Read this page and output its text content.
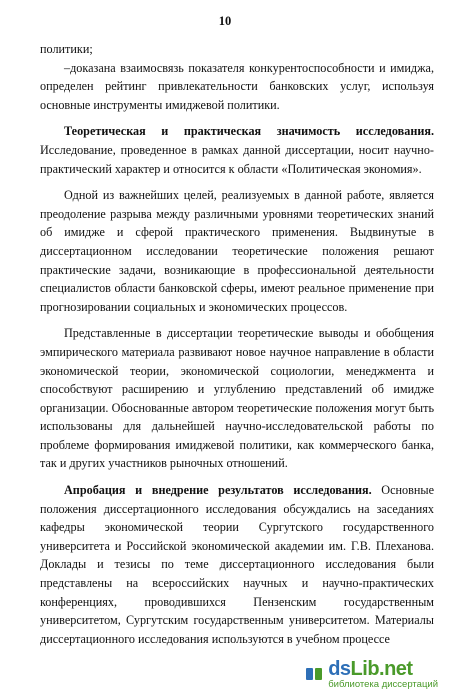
10

политики;

–доказана взаимосвязь показателя конкурентоспособности и имиджа, определен рейтинг привлекательности банковских услуг, используя основные инструменты имиджевой политики.

Теоретическая и практическая значимость исследования. Исследование, проведенное в рамках данной диссертации, носит научно-практический характер и относится к области «Политическая экономия».

Одной из важнейших целей, реализуемых в данной работе, является преодоление разрыва между различными уровнями теоретических знаний об имидже и сферой практического применения. Выдвинутые в диссертационном исследовании теоретические положения решают практические задачи, возникающие в профессиональной деятельности специалистов области банковской сферы, имеют реальное применение при прогнозировании социальных и экономических процессов.

Представленные в диссертации теоретические выводы и обобщения эмпирического материала развивают новое научное направление в области экономической теории, экономической социологии, менеджмента и способствуют расширению и углублению представлений об имидже организации. Обоснованные автором теоретические положения могут быть использованы для дальнейшей научно-исследовательской работы по проблеме формирования имиджевой политики, как коммерческого банка, так и других участников рыночных отношений.

Апробация и внедрение результатов исследования. Основные положения диссертационного исследования обсуждались на заседаниях кафедры экономической теории Сургутского государственного университета и Российской экономической академии им. Г.В. Плеханова. Доклады и тезисы по теме диссертационного исследования были представлены на всероссийских научных и научно-практических конференциях, проводившихся Пензенским государственным университетом, Сургутским государственным университетом. Материалы диссертационного исследования используются в учебном процессе

dsLib.net
библиотека диссертаций
